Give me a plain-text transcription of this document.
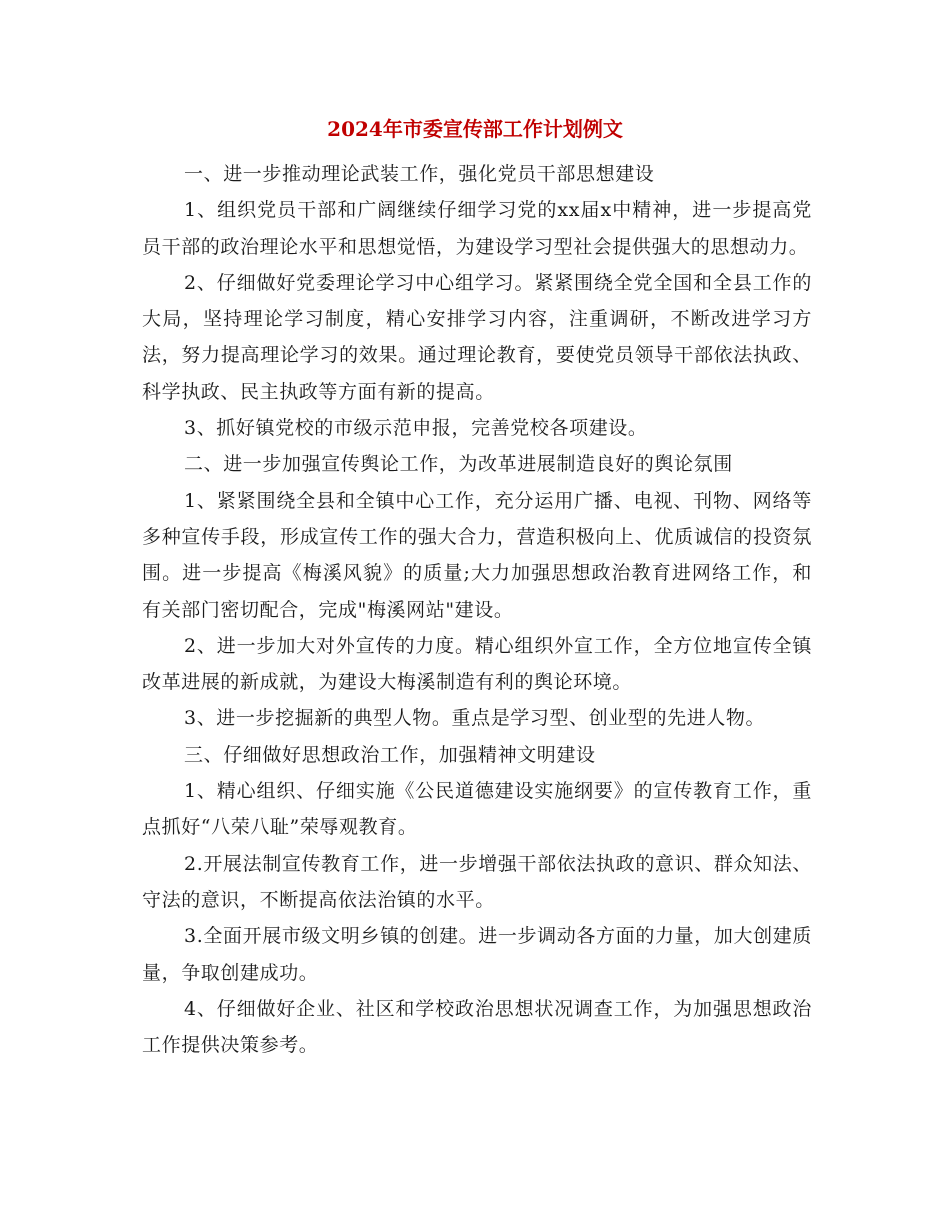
2024年市委宣传部工作计划例文

一、进一步推动理论武装工作，强化党员干部思想建设

1、组织党员干部和广阔继续仔细学习党的xx届x中精神，进一步提高党员干部的政治理论水平和思想觉悟，为建设学习型社会提供强大的思想动力。

2、仔细做好党委理论学习中心组学习。紧紧围绕全党全国和全县工作的大局，坚持理论学习制度，精心安排学习内容，注重调研，不断改进学习方法，努力提高理论学习的效果。通过理论教育，要使党员领导干部依法执政、科学执政、民主执政等方面有新的提高。

3、抓好镇党校的市级示范申报，完善党校各项建设。

二、进一步加强宣传舆论工作，为改革进展制造良好的舆论氛围

1、紧紧围绕全县和全镇中心工作，充分运用广播、电视、刊物、网络等多种宣传手段，形成宣传工作的强大合力，营造积极向上、优质诚信的投资氛围。进一步提高《梅溪风貌》的质量;大力加强思想政治教育进网络工作，和有关部门密切配合，完成"梅溪网站"建设。

2、进一步加大对外宣传的力度。精心组织外宣工作，全方位地宣传全镇改革进展的新成就，为建设大梅溪制造有利的舆论环境。

3、进一步挖掘新的典型人物。重点是学习型、创业型的先进人物。

三、仔细做好思想政治工作，加强精神文明建设

1、精心组织、仔细实施《公民道德建设实施纲要》的宣传教育工作，重点抓好“八荣八耻”荣辱观教育。

2.开展法制宣传教育工作，进一步增强干部依法执政的意识、群众知法、守法的意识，不断提高依法治镇的水平。

3.全面开展市级文明乡镇的创建。进一步调动各方面的力量，加大创建质量，争取创建成功。

4、仔细做好企业、社区和学校政治思想状况调查工作，为加强思想政治工作提供决策参考。
